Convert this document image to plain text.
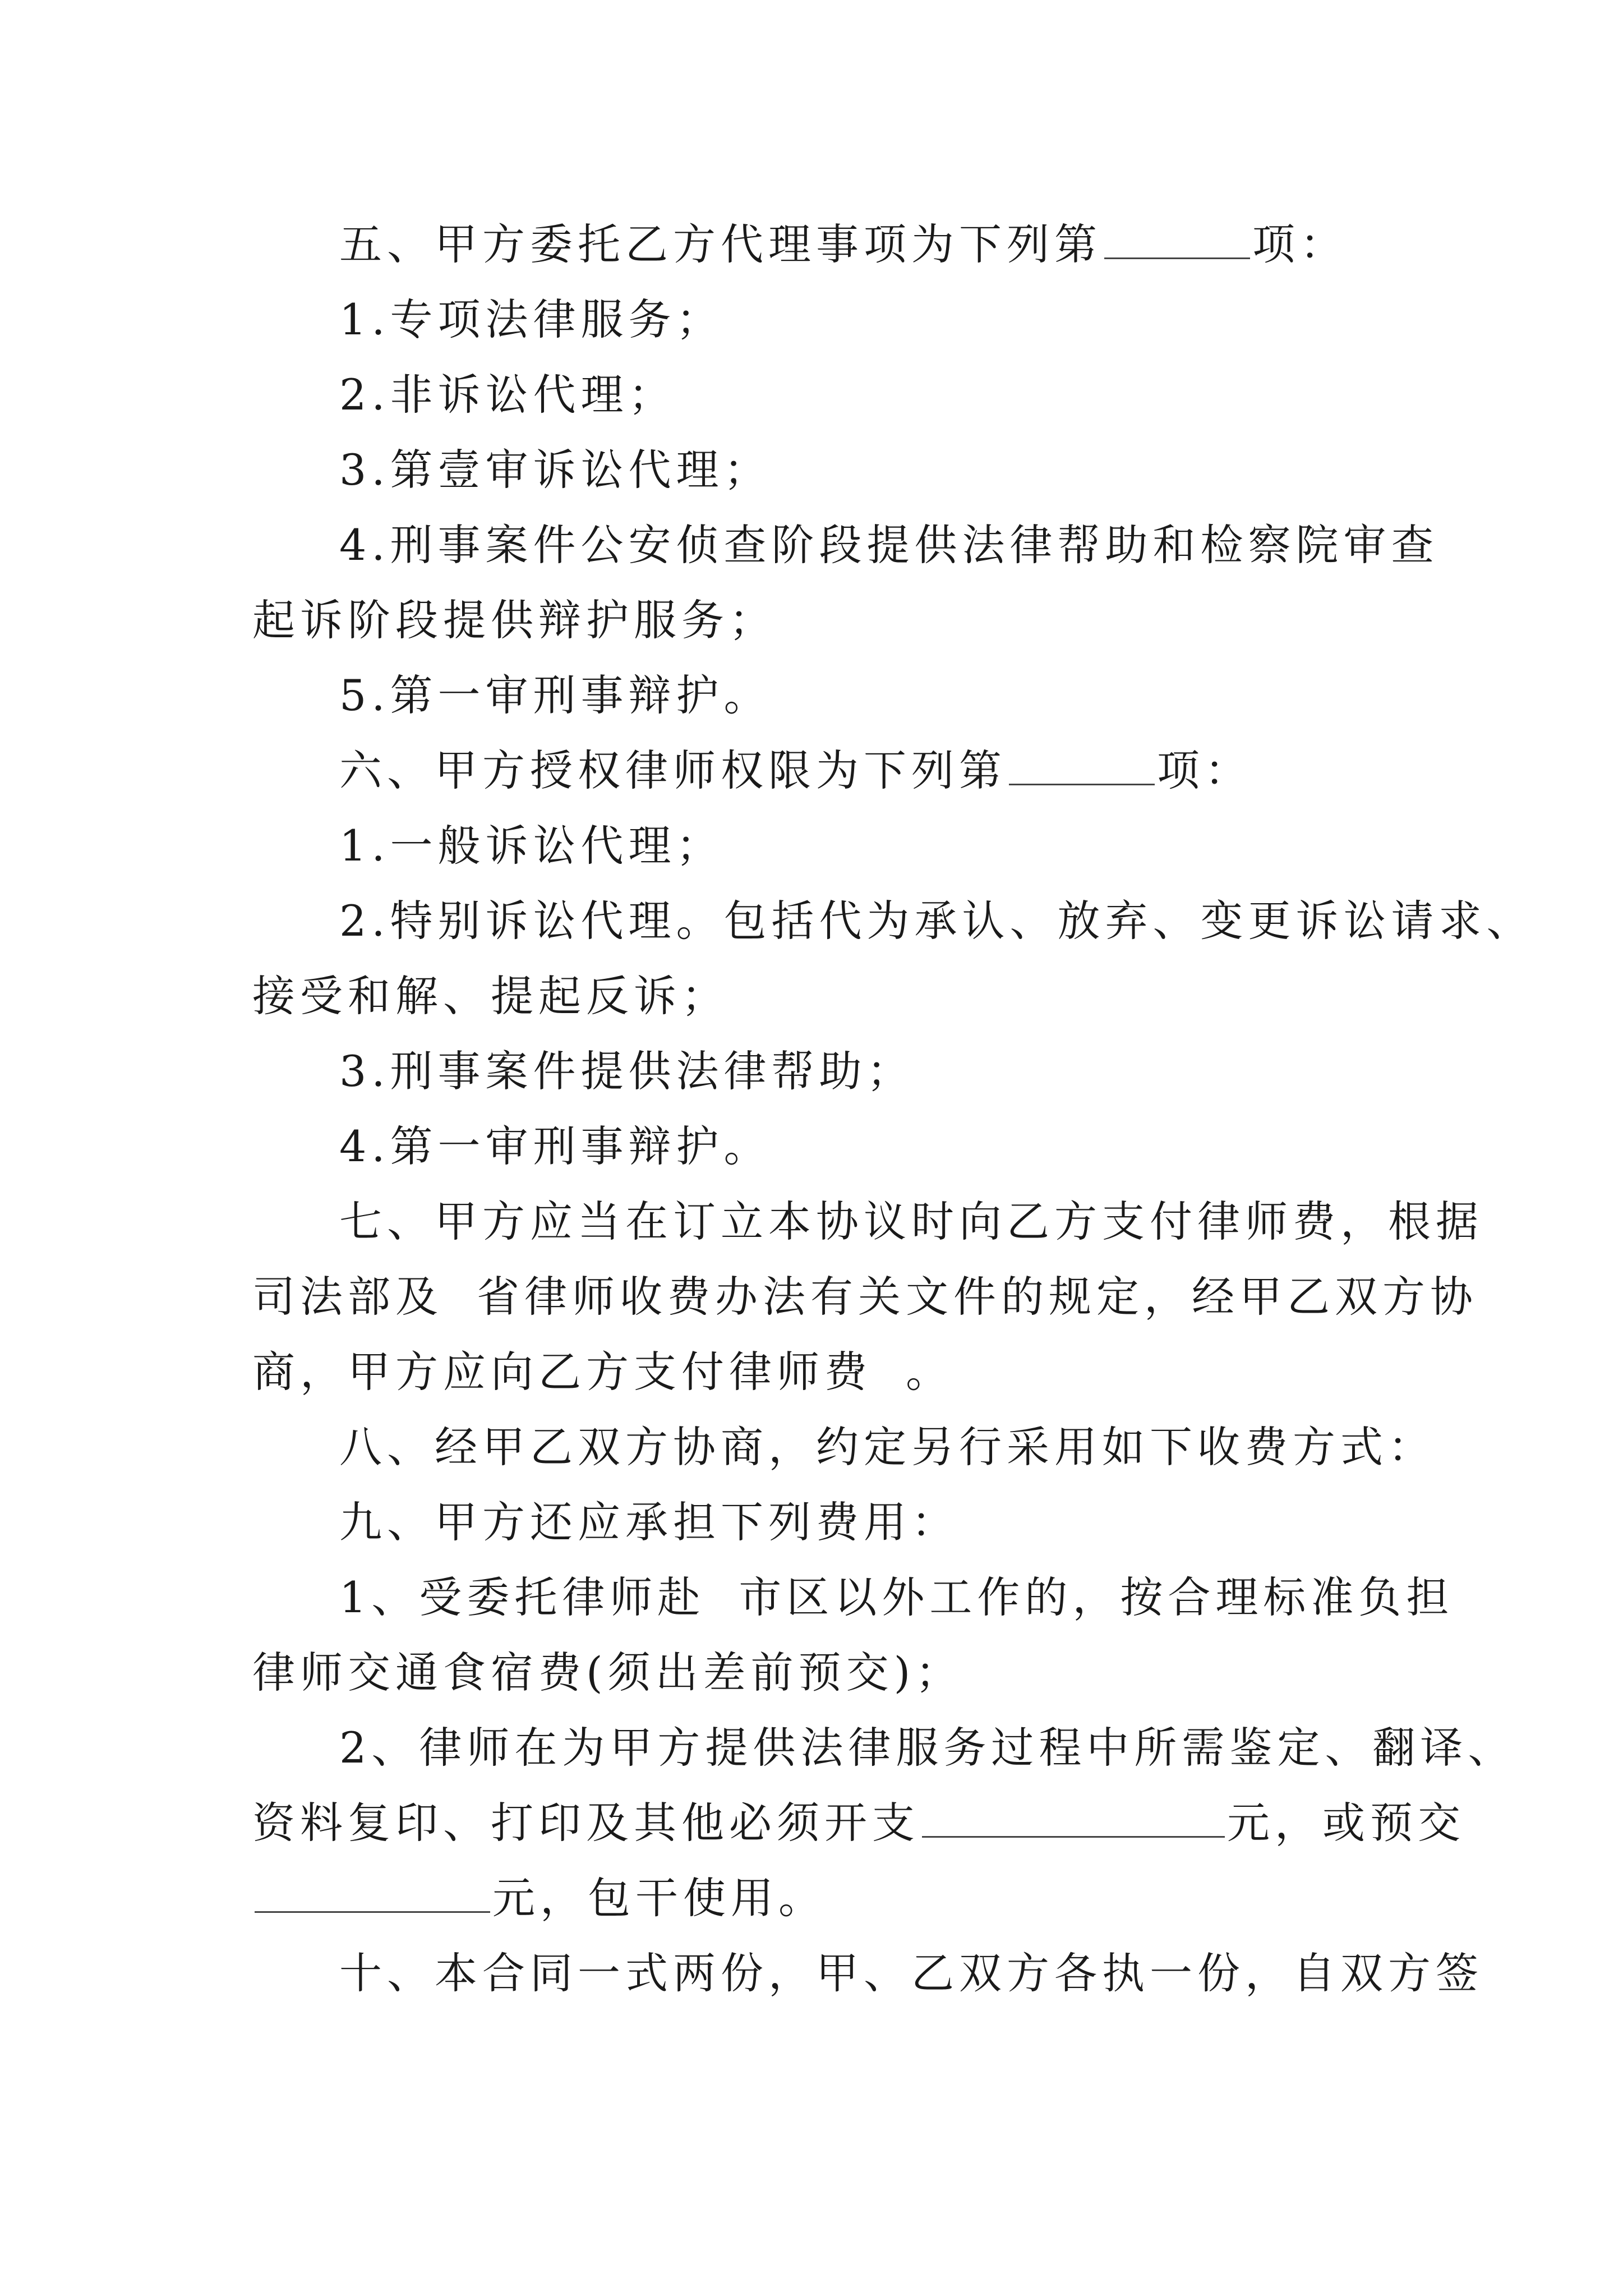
五、甲方委托乙方代理事项为下列第	项：
1.专项法律服务；
2.非诉讼代理；
3.第壹审诉讼代理；
4.刑事案件公安侦查阶段提供法律帮助和检察院审查
起诉阶段提供辩护服务；
5.第一审刑事辩护。
六、甲方授权律师权限为下列第	项：
1.一般诉讼代理；
2.特别诉讼代理。包括代为承认、放弃、变更诉讼请求、
接受和解、提起反诉；
3.刑事案件提供法律帮助；
4.第一审刑事辩护。
七、甲方应当在订立本协议时向乙方支付律师费，根据
司法部及 省律师收费办法有关文件的规定，经甲乙双方协
商，甲方应向乙方支付律师费 。
八、经甲乙双方协商，约定另行采用如下收费方式：
九、甲方还应承担下列费用：
1、受委托律师赴 市区以外工作的，按合理标准负担
律师交通食宿费(须出差前预交)；
2、律师在为甲方提供法律服务过程中所需鉴定、翻译、
资料复印、打印及其他必须开支	元，或预交
元，包干使用。
十、本合同一式两份，甲、乙双方各执一份，自双方签
